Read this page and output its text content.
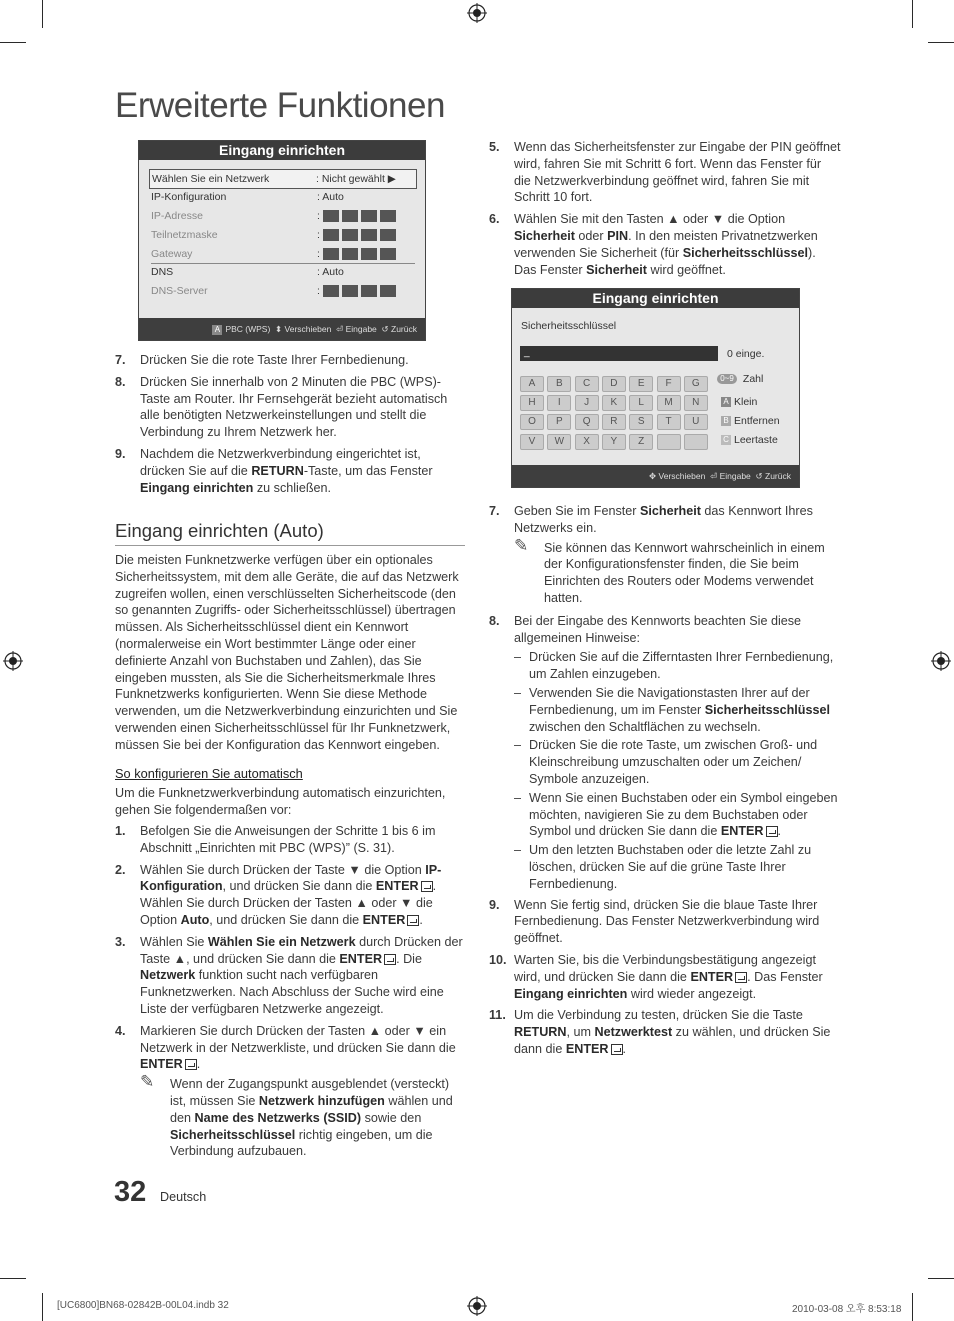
Erweiterte Funktionen
Eingang einrichten
Wählen Sie ein Netzwerk	: Nicht gewählt ▶
IP-Konfiguration	: Auto
IP-Adresse	:
Teilnetzmaske	:
Gateway	:
DNS	: Auto
DNS-Server	:
A PBC (WPS) ⬍ Verschieben ⏎ Eingabe ↺ Zurück
7. Drücken Sie die rote Taste Ihrer Fernbedienung.
8. Drücken Sie innerhalb von 2 Minuten die PBC (WPS)-Taste am Router. Ihr Fernsehgerät bezieht automatisch alle benötigten Netzwerkeinstellungen und stellt die Verbindung zu Ihrem Netzwerk her.
9. Nachdem die Netzwerkverbindung eingerichtet ist, drücken Sie auf die RETURN-Taste, um das Fenster Eingang einrichten zu schließen.
Eingang einrichten (Auto)
Die meisten Funknetzwerke verfügen über ein optionales Sicherheitssystem, mit dem alle Geräte, die auf das Netzwerk zugreifen wollen, einen verschlüsselten Sicherheitscode (den so genannten Zugriffs- oder Sicherheitsschlüssel) übertragen müssen. Als Sicherheitsschlüssel dient ein Kennwort (normalerweise ein Wort bestimmter Länge oder einer definierte Anzahl von Buchstaben und Zahlen), das Sie eingeben mussten, als Sie die Sicherheitsmerkmale Ihres Funknetzwerks konfigurierten. Wenn Sie diese Methode verwenden, um die Netzwerkverbindung einzurichten und Sie verwenden einen Sicherheitsschlüssel für Ihr Funknetzwerk, müssen Sie bei der Konfiguration das Kennwort eingeben.
So konfigurieren Sie automatisch
Um die Funknetzwerkverbindung automatisch einzurichten, gehen Sie folgendermaßen vor:
1. Befolgen Sie die Anweisungen der Schritte 1 bis 6 im Abschnitt „Einrichten mit PBC (WPS)” (S. 31).
2. Wählen Sie durch Drücken der Taste ▼ die Option IP-Konfiguration, und drücken Sie dann die ENTER . Wählen Sie durch Drücken der Tasten ▲ oder ▼ die Option Auto, und drücken Sie dann die ENTER .
3. Wählen Sie Wählen Sie ein Netzwerk durch Drücken der Taste ▲, und drücken Sie dann die ENTER . Die Netzwerk funktion sucht nach verfügbaren Funknetzwerken. Nach Abschluss der Suche wird eine Liste der verfügbaren Netzwerke angezeigt.
4. Markieren Sie durch Drücken der Tasten ▲ oder ▼ ein Netzwerk in der Netzwerkliste, und drücken Sie dann die ENTER .
✎ Wenn der Zugangspunkt ausgeblendet (versteckt) ist, müssen Sie Netzwerk hinzufügen wählen und den Name des Netzwerks (SSID) sowie den Sicherheitsschlüssel richtig eingeben, um die Verbindung aufzubauen.
5. Wenn das Sicherheitsfenster zur Eingabe der PIN geöffnet wird, fahren Sie mit Schritt 6 fort. Wenn das Fenster für die Netzwerkverbindung geöffnet wird, fahren Sie mit Schritt 10 fort.
6. Wählen Sie mit den Tasten ▲ oder ▼ die Option Sicherheit oder PIN. In den meisten Privatnetzwerken verwenden Sie Sicherheit (für Sicherheitsschlüssel). Das Fenster Sicherheit wird geöffnet.
Eingang einrichten
Sicherheitsschlüssel
_	0 einge.
A	B	C	D	E	F	G
H	I	J	K	L	M	N
O	P	Q	R	S	T	U
V	W	X	Y	Z
0~9 Zahl
A Klein
B Entfernen
C Leertaste
✥ Verschieben ⏎ Eingabe ↺ Zurück
7. Geben Sie im Fenster Sicherheit das Kennwort Ihres Netzwerks ein.
✎ Sie können das Kennwort wahrscheinlich in einem der Konfigurationsfenster finden, die Sie beim Einrichten des Routers oder Modems verwendet hatten.
8. Bei der Eingabe des Kennworts beachten Sie diese allgemeinen Hinweise:
– Drücken Sie auf die Zifferntasten Ihrer Fernbedienung, um Zahlen einzugeben.
– Verwenden Sie die Navigationstasten Ihrer auf der Fernbedienung, um im Fenster Sicherheitsschlüssel zwischen den Schaltflächen zu wechseln.
– Drücken Sie die rote Taste, um zwischen Groß- und Kleinschreibung umzuschalten oder um Zeichen/ Symbole anzuzeigen.
– Wenn Sie einen Buchstaben oder ein Symbol eingeben möchten, navigieren Sie zu dem Buchstaben oder Symbol und drücken Sie dann die ENTER .
– Um den letzten Buchstaben oder die letzte Zahl zu löschen, drücken Sie auf die grüne Taste Ihrer Fernbedienung.
9. Wenn Sie fertig sind, drücken Sie die blaue Taste Ihrer Fernbedienung. Das Fenster Netzwerkverbindung wird geöffnet.
10. Warten Sie, bis die Verbindungsbestätigung angezeigt wird, und drücken Sie dann die ENTER . Das Fenster Eingang einrichten wird wieder angezeigt.
11. Um die Verbindung zu testen, drücken Sie die Taste RETURN, um Netzwerktest zu wählen, und drücken Sie dann die ENTER .
32 Deutsch
[UC6800]BN68-02842B-00L04.indb 32	2010-03-08 오후 8:53:18
